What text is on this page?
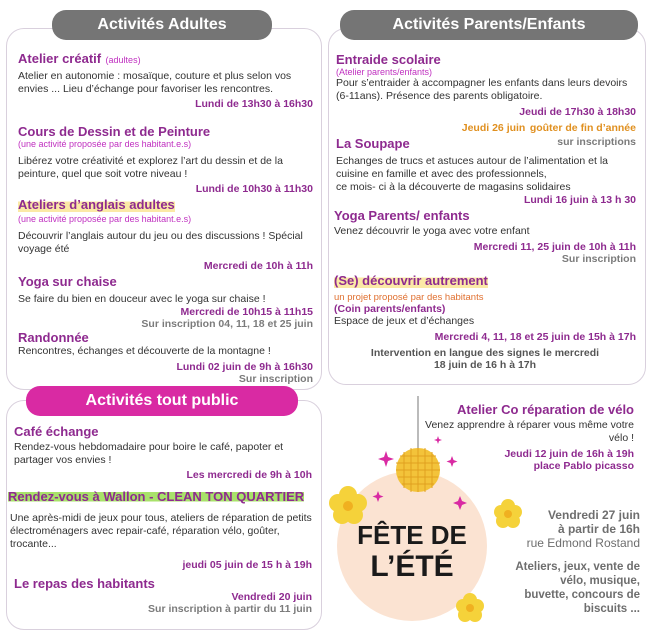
Activités Adultes
Atelier créatif (adultes)
Atelier en autonomie : mosaïque, couture et plus selon vos envies ... Lieu d’échange pour favoriser les rencontres.
Lundi de 13h30 à 16h30
Cours de Dessin et de Peinture
(une activité proposée par des habitant.e.s)
Libérez votre créativité et explorez l’art du dessin et de la peinture, quel que soit votre niveau !
Lundi de 10h30 à 11h30
Ateliers d’anglais adultes
(une activité proposée par des habitant.e.s)
Découvrir l’anglais autour du jeu ou des discussions ! Spécial voyage été
Mercredi de 10h à 11h
Yoga sur chaise
Se faire du bien en douceur avec le yoga sur chaise !
Mercredi de 10h15 à 11h15
Sur inscription 04, 11, 18 et 25 juin
Randonnée
Rencontres, échanges et découverte de la montagne !
Lundi 02 juin de 9h à 16h30
Sur inscription
Activités Parents/Enfants
Entraide scolaire
(Atelier parents/enfants)
Pour s’entraider à accompagner les enfants dans leurs devoirs (6-11ans). Présence des parents obligatoire.
Jeudi de 17h30 à 18h30
Jeudi 26 juin goûter de fin d’année
sur inscriptions
La Soupape
Echanges de trucs et astuces autour de l’alimentation et la cuisine en famille et avec des professionnels,
ce mois- ci à la découverte de magasins solidaires
Lundi 16 juin à 13 h 30
Yoga Parents/ enfants
Venez découvrir le yoga avec votre enfant
Mercredi 11, 25 juin de 10h à 11h
Sur inscription
(Se) découvrir autrement
un projet proposé par des habitants
(Coin parents/enfants)
Espace de jeux et d’échanges
Mercredi 4, 11, 18 et 25 juin de 15h à 17h
Intervention en langue des signes le mercredi
18 juin de 16 h à 17h
Activités tout public
Café échange
Rendez-vous hebdomadaire pour boire le café, papoter et partager vos envies !
Les mercredi de 9h à 10h
Rendez-vous à Wallon - CLEAN TON QUARTIER
Une après-midi de jeux pour tous, ateliers de réparation de petits électroménagers avec repair-café, réparation vélo, goûter, trocante...
jeudi 05 juin de 15 h à 19h
Le repas des habitants
Vendredi 20 juin
Sur inscription à partir du 11 juin
Atelier Co réparation de vélo
Venez apprendre à réparer vous même votre vélo !
Jeudi 12 juin de 16h à 19h
place Pablo picasso
FÊTE DE
L’ÉTÉ
Vendredi 27 juin
à partir de 16h
rue Edmond Rostand
Ateliers, jeux, vente de vélo, musique, buvette, concours de biscuits ...
